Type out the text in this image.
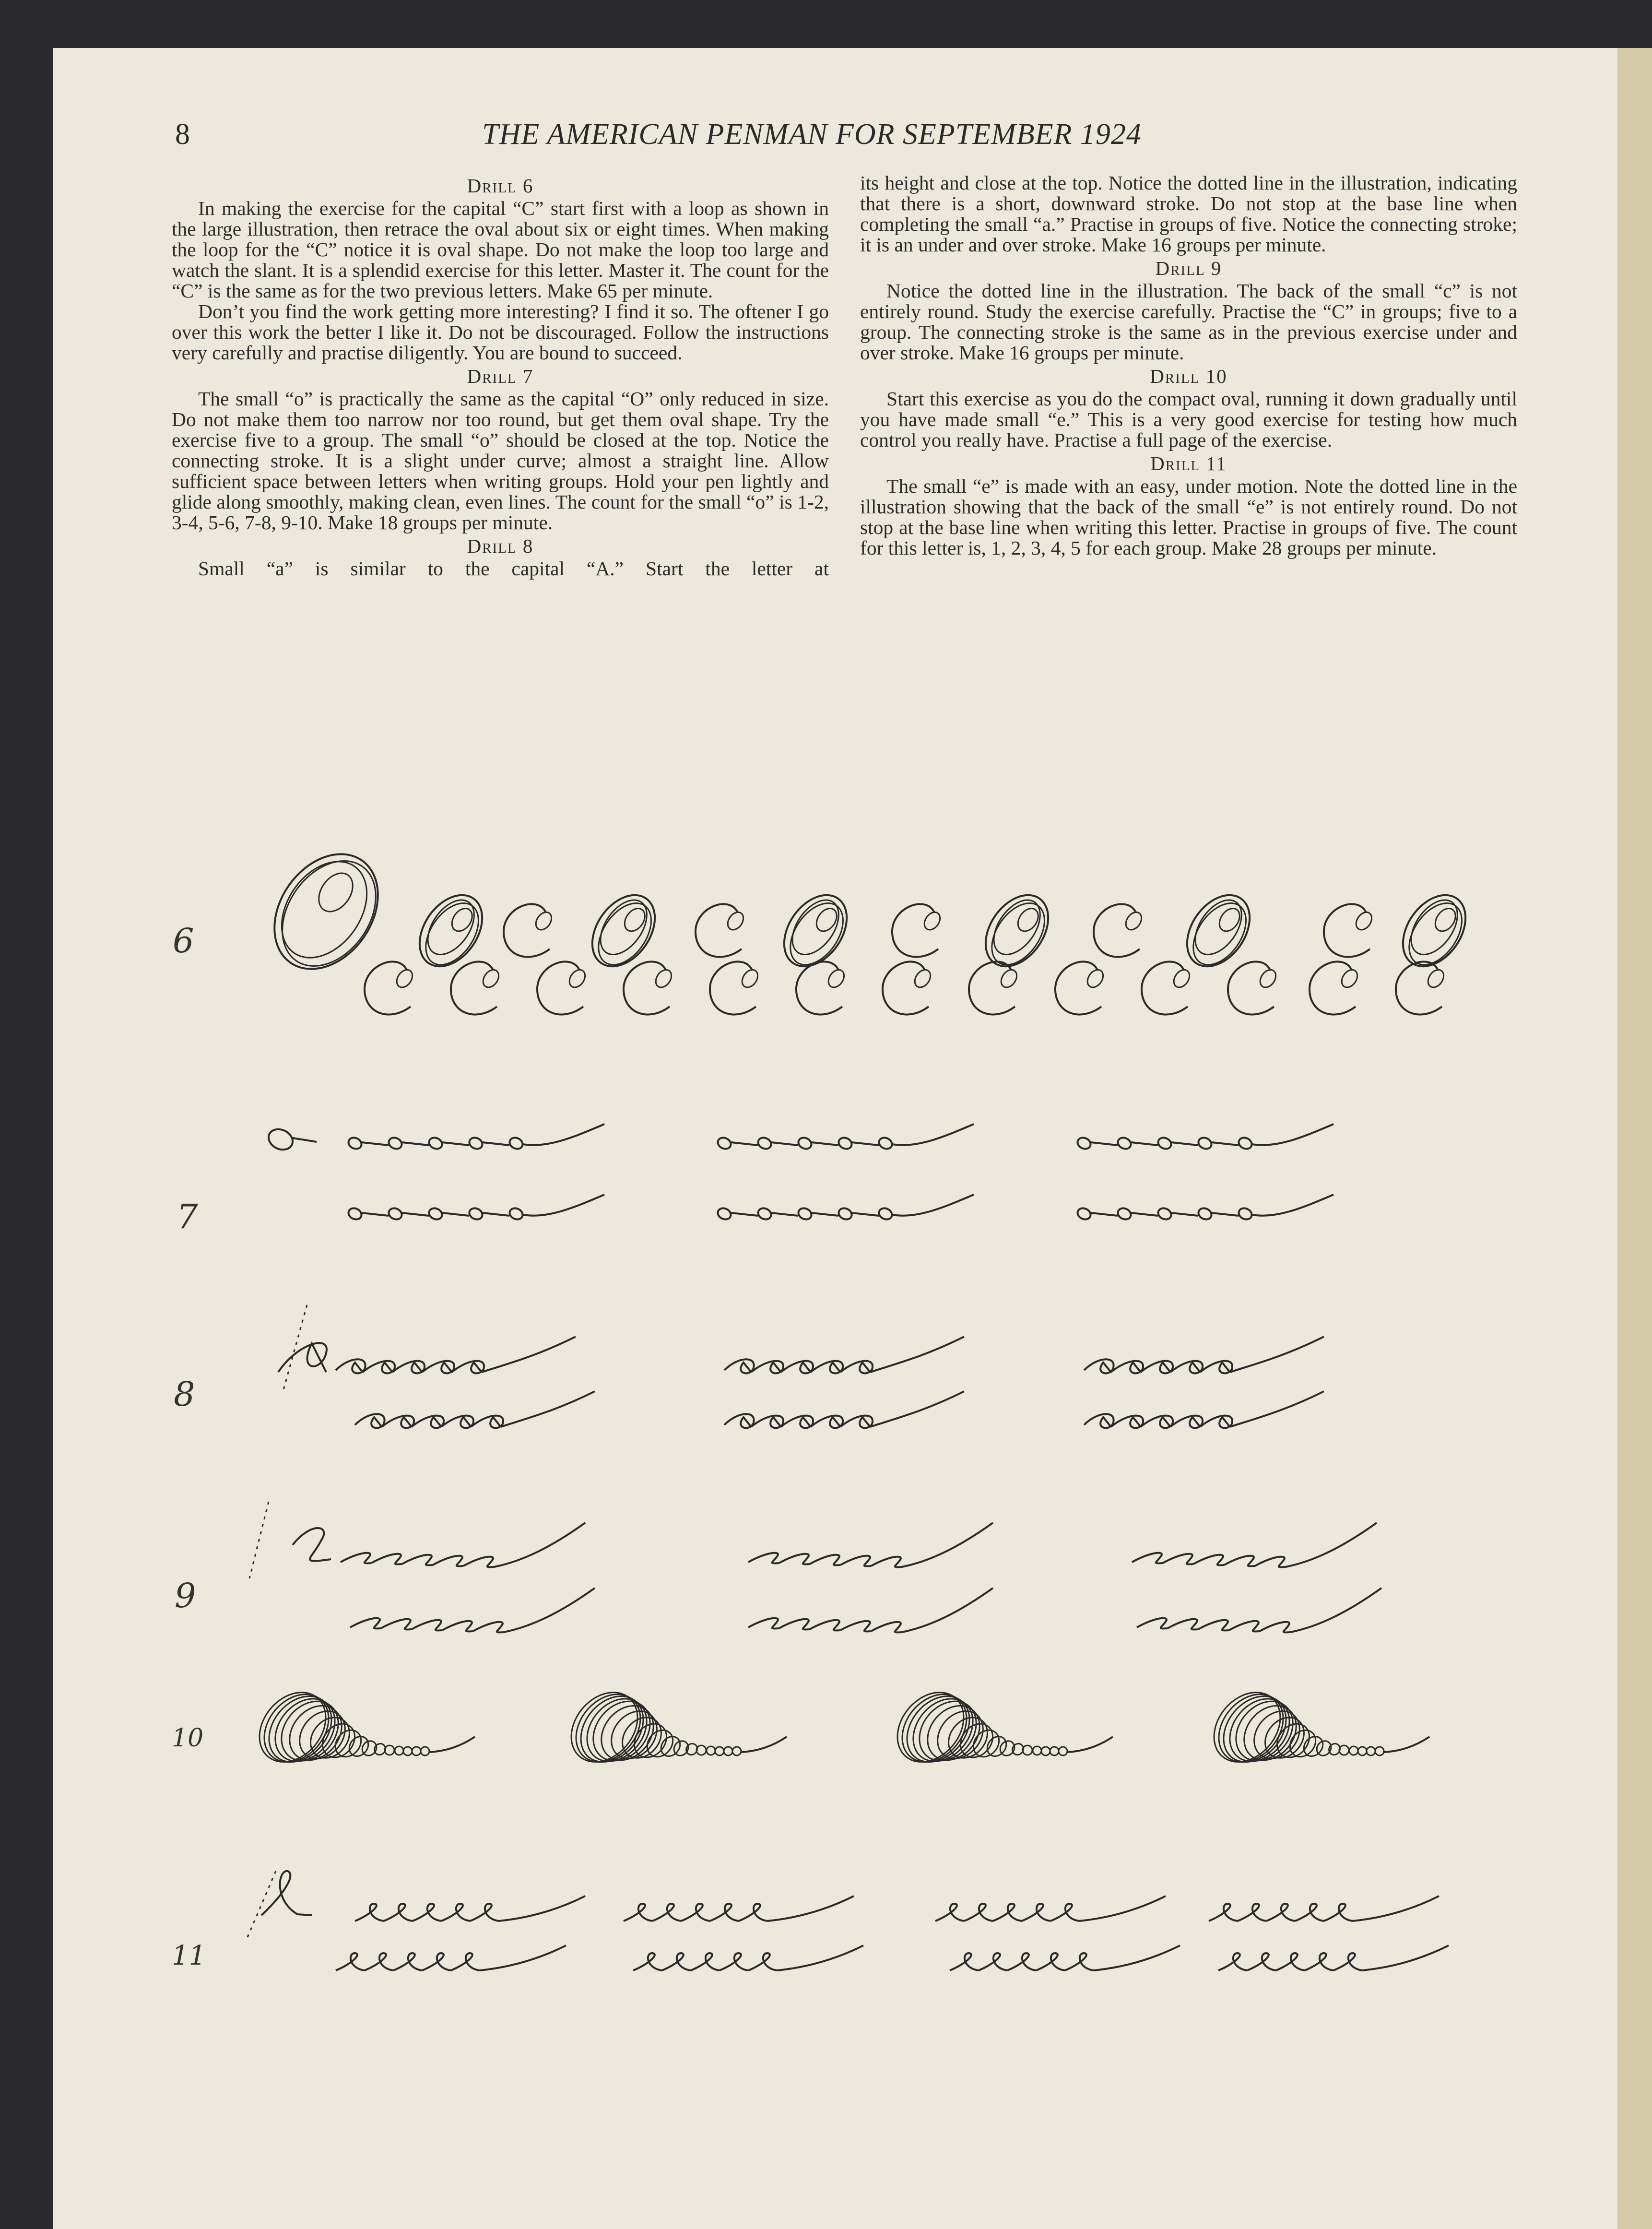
8	THE AMERICAN PENMAN FOR SEPTEMBER 1924
Drill 6

In making the exercise for the capital “C” start first with a loop as shown in the large illustration, then retrace the oval about six or eight times. When making the loop for the “C” notice it is oval shape. Do not make the loop too large and watch the slant. It is a splendid exercise for this letter. Master it. The count for the “C” is the same as for the two previous letters. Make 65 per minute.

Don’t you find the work getting more interesting? I find it so. The oftener I go over this work the better I like it. Do not be discouraged. Follow the instructions very carefully and practise diligently. You are bound to succeed.

Drill 7

The small “o” is practically the same as the capital “O” only reduced in size. Do not make them too narrow nor too round, but get them oval shape. Try the exercise five to a group. The small “o” should be closed at the top. Notice the connecting stroke. It is a slight under curve; almost a straight line. Allow sufficient space between letters when writing groups. Hold your pen lightly and glide along smoothly, making clean, even lines. The count for the small “o” is 1-2, 3-4, 5-6, 7-8, 9-10. Make 18 groups per minute.

Drill 8

Small “a” is similar to the capital “A.” Start the letter at

its height and close at the top. Notice the dotted line in the illustration, indicating that there is a short, downward stroke. Do not stop at the base line when completing the small “a.” Practise in groups of five. Notice the connecting stroke; it is an under and over stroke. Make 16 groups per minute.

Drill 9

Notice the dotted line in the illustration. The back of the small “c” is not entirely round. Study the exercise carefully. Practise the “C” in groups; five to a group. The connecting stroke is the same as in the previous exercise under and over stroke. Make 16 groups per minute.

Drill 10

Start this exercise as you do the compact oval, running it down gradually until you have made small “e.” This is a very good exercise for testing how much control you really have. Practise a full page of the exercise.

Drill 11

The small “e” is made with an easy, under motion. Note the dotted line in the illustration showing that the back of the small “e” is not entirely round. Do not stop at the base line when writing this letter. Practise in groups of five. The count for this letter is, 1, 2, 3, 4, 5 for each group. Make 28 groups per minute.

6
7
8
9
10
11
